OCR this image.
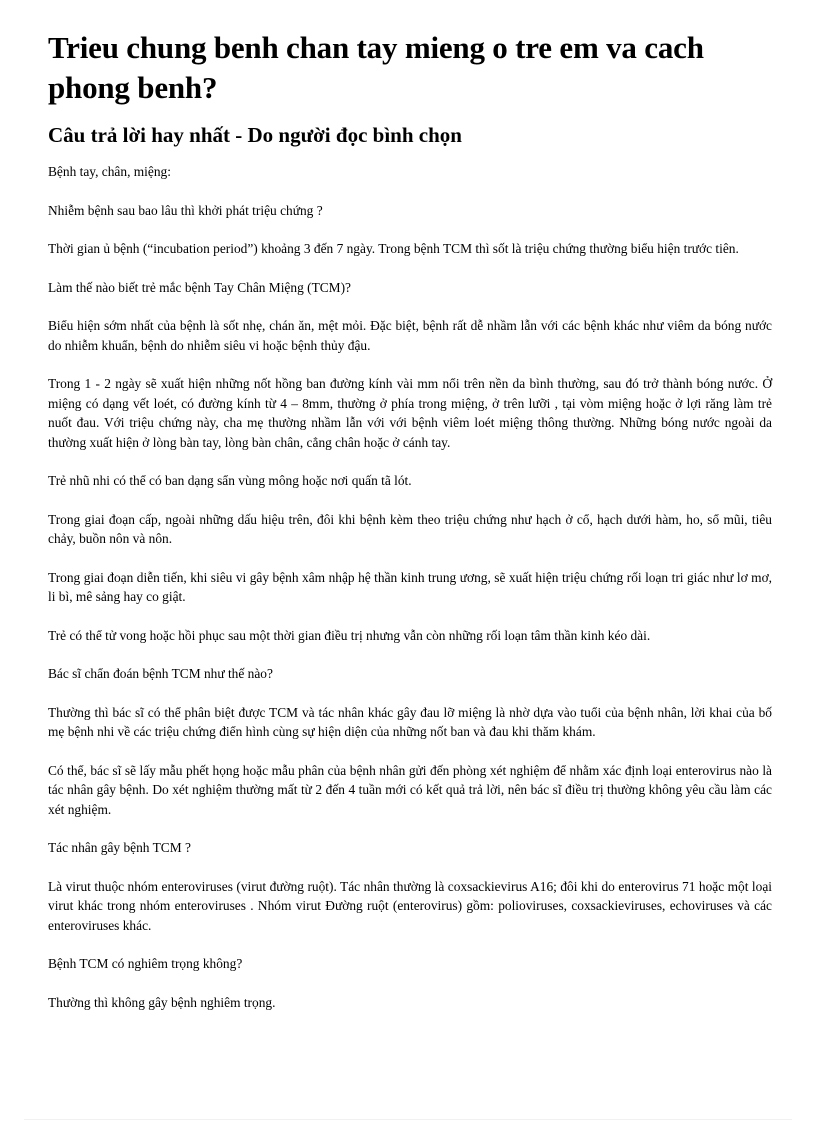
Trieu chung benh chan tay mieng o tre em va cach phong benh?
Câu trả lời hay nhất - Do người đọc bình chọn

Bệnh tay, chân, miệng:

Nhiễm bệnh sau bao lâu thì khởi phát triệu chứng ?

Thời gian ủ bệnh (“incubation period”) khoảng 3 đến 7 ngày. Trong bệnh TCM thì sốt là triệu chứng thường biểu hiện trước tiên.

Làm thế nào biết trẻ mắc bệnh Tay Chân Miệng (TCM)?

Biểu hiện sớm nhất của bệnh là sốt nhẹ, chán ăn, mệt mỏi. Đặc biệt, bệnh rất dễ nhầm lẫn với các bệnh khác như viêm da bóng nước do nhiễm khuẩn, bệnh do nhiễm siêu vi hoặc bệnh thủy đậu.

Trong 1 - 2 ngày sẽ xuất hiện những nốt hồng ban đường kính vài mm nổi trên nền da bình thường, sau đó trở thành bóng nước. Ở miệng có dạng vết loét, có đường kính từ 4 – 8mm, thường ở phía trong miệng, ở trên lưỡi , tại vòm miệng hoặc ở lợi răng làm trẻ nuốt đau. Với triệu chứng này, cha mẹ thường nhầm lẫn với với bệnh viêm loét miệng thông thường. Những bóng nước ngoài da thường xuất hiện ở lòng bàn tay, lòng bàn chân, cẳng chân hoặc ở cánh tay.

Trẻ nhũ nhi có thể có ban dạng sẩn vùng mông hoặc nơi quấn tã lót.

Trong giai đoạn cấp, ngoài những dấu hiệu trên, đôi khi bệnh kèm theo triệu chứng như hạch ở cổ, hạch dưới hàm, ho, sổ mũi, tiêu chảy, buồn nôn và nôn.

Trong giai đoạn diễn tiến, khi siêu vi gây bệnh xâm nhập hệ thần kinh trung ương, sẽ xuất hiện triệu chứng rối loạn tri giác như lơ mơ, li bì, mê sảng hay co giật.

Trẻ có thể tử vong hoặc hồi phục sau một thời gian điều trị nhưng vẫn còn những rối loạn tâm thần kinh kéo dài.

Bác sĩ chẩn đoán bệnh TCM như thế nào?

Thường thì bác sĩ có thể phân biệt được TCM và tác nhân khác gây đau lỡ miệng là nhờ dựa vào tuổi của bệnh nhân, lời khai của bố mẹ bệnh nhi về các triệu chứng điển hình cùng sự hiện diện của những nốt ban và đau khi thăm khám.

Có thể, bác sĩ sẽ lấy mẫu phết họng hoặc mẫu phân của bệnh nhân gửi đến phòng xét nghiệm để nhằm xác định loại enterovirus nào là tác nhân gây bệnh. Do xét nghiệm thường mất từ 2 đến 4 tuần mới có kết quả trả lời, nên bác sĩ điều trị thường không yêu cầu làm các xét nghiệm.

Tác nhân gây bệnh TCM ?

Là virut thuộc nhóm enteroviruses (virut đường ruột). Tác nhân thường là coxsackievirus A16; đôi khi do enterovirus 71 hoặc một loại virut khác trong nhóm enteroviruses . Nhóm virut Đường ruột (enterovirus) gồm: polioviruses, coxsackieviruses, echoviruses và các enteroviruses khác.

Bệnh TCM có nghiêm trọng không?

Thường thì không gây bệnh nghiêm trọng.
